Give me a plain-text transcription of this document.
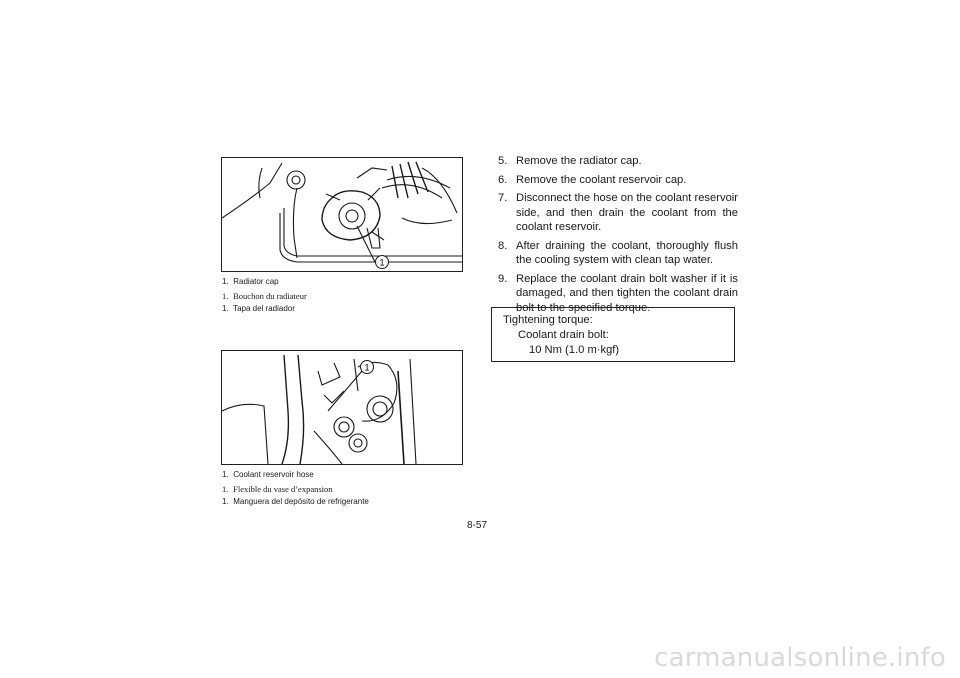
1
1. Radiator cap
1. Bouchon du radiateur
1. Tapa del radiador
1
1. Coolant reservoir hose
1. Flexible du vase d’expansion
1. Manguera del depósito de refrigerante
5. Remove the radiator cap.
6. Remove the coolant reservoir cap.
7. Disconnect the hose on the coolant reservoir side, and then drain the coolant from the coolant reservoir.
8. After draining the coolant, thoroughly flush the cooling system with clean tap water.
9. Replace the coolant drain bolt washer if it is damaged, and then tighten the coolant drain bolt to the specified torque.
Tightening torque:
Coolant drain bolt:
10 Nm (1.0 m·kgf)
8-57
carmanualsonline.info
